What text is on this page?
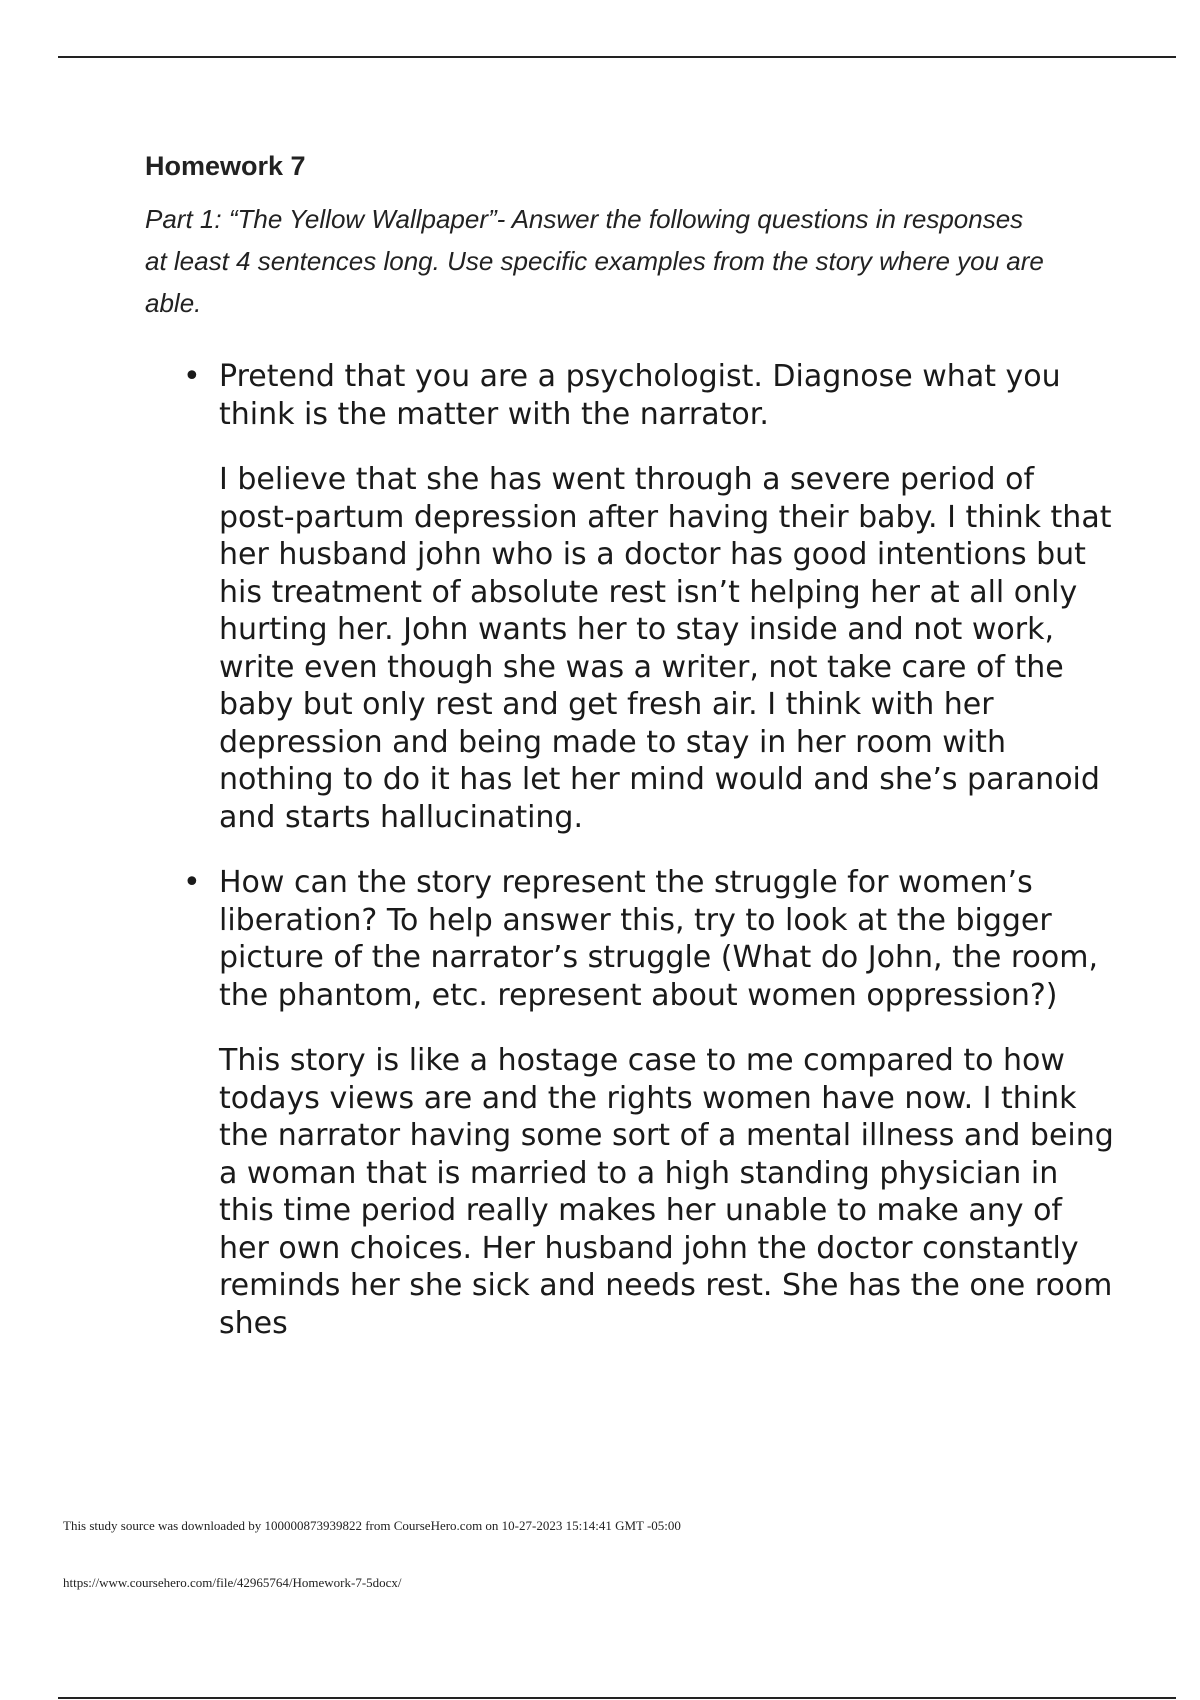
Homework 7

Part 1: “The Yellow Wallpaper”- Answer the following questions in responses at least 4 sentences long. Use specific examples from the story where you are able.

• Pretend that you are a psychologist. Diagnose what you think is the matter with the narrator.

I believe that she has went through a severe period of post-partum depression after having their baby. I think that her husband john who is a doctor has good intentions but his treatment of absolute rest isn’t helping her at all only hurting her. John wants her to stay inside and not work, write even though she was a writer, not take care of the baby but only rest and get fresh air. I think with her depression and being made to stay in her room with nothing to do it has let her mind would and she’s paranoid and starts hallucinating.

• How can the story represent the struggle for women’s liberation? To help answer this, try to look at the bigger picture of the narrator’s struggle (What do John, the room, the phantom, etc. represent about women oppression?)

This story is like a hostage case to me compared to how todays views are and the rights women have now. I think the narrator having some sort of a mental illness and being a woman that is married to a high standing physician in this time period really makes her unable to make any of her own choices. Her husband john the doctor constantly reminds her she sick and needs rest. She has the one room shes

This study source was downloaded by 100000873939822 from CourseHero.com on 10-27-2023 15:14:41 GMT -05:00

https://www.coursehero.com/file/42965764/Homework-7-5docx/
